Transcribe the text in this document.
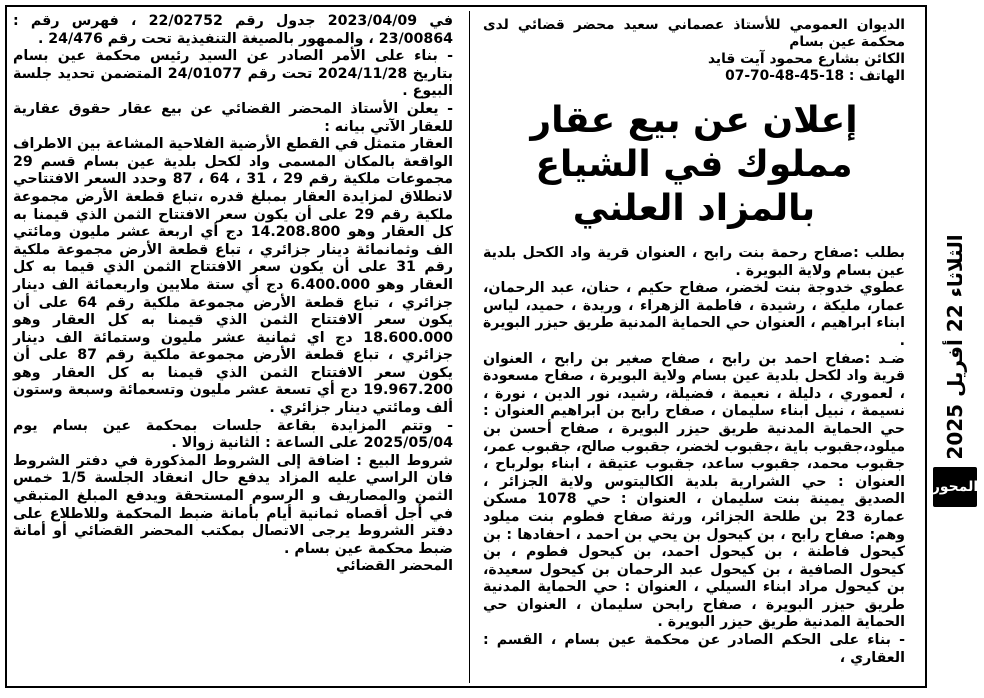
الديوان العمومي للأستاذ عصماني سعيد محضر قضائي لدى محكمة عين بسام

الكائن بشارع محمود آيت قايد

الهاتف : 18-45-48-70-07

إعلان عن بيع عقار مملوك في الشياع بالمزاد العلني

بطلب :صفاح رحمة بنت رابح ، العنوان قرية واد الكحل بلدية عين بسام ولاية البويرة .

عطوي خدوجة بنت لخضر، صفاح حكيم ، حنان، عبد الرحمان، عمار، مليكة ، رشيدة ، فاطمة الزهراء ، وريدة ، حميد، لياس ابناء ابراهيم ، العنوان حي الحماية المدنية طريق حيزر البويرة .

ضـد :صفاح احمد بن رابح ، صفاح صغير بن رابح ، العنوان قرية واد لكحل بلدية عين بسام ولاية البويرة ، صفاح مسعودة ، لعموري ، دليلة ، نعيمة ، فضيلة، رشيد، نور الدين ، نورة ، نسيمة ، نبيل ابناء سليمان ، صفاح رابح بن ابراهيم العنوان : حي الحماية المدنية طريق حيزر البويرة ، صفاح أحسن بن ميلود،جقبوب باية ،جقبوب لخضر، جقبوب صالح، جقبوب عمر، جقبوب محمد، جقبوب ساعد، جقبوب عتيقة ، ابناء بولرباح ، العنوان : حي الشرارية بلدية الكاليتوس ولاية الجزائر ، الصديق يمينة بنت سليمان ، العنوان : حي 1078 مسكن عمارة 23 بن طلحة الجزائر، ورثة صفاح فطوم بنت ميلود وهم: صفاح رابح ، بن كيحول بن يحي بن احمد ، احفادها : بن كيحول فاطنة ، بن كيحول احمد، بن كيحول فطوم ، بن كيحول الصافية ، بن كيحول عبد الرحمان بن كيحول سعيدة، بن كيحول مراد ابناء السيلي ، العنوان : حي الحماية المدنية طريق حيزر البويرة ، صفاح رابحن سليمان ، العنوان حي الحماية المدنية طريق حيزر البويرة .

- بناء على الحكم الصادر عن محكمة عين بسام ، القسم : العقاري ،

في 2023/04/09 جدول رقم 22/02752 ، فهرس رقم : 23/00864 ، والممهور بالصيغة التنفيذية تحت رقم 24/476 .

- بناء على الأمر الصادر عن السيد رئيس محكمة عين بسام بتاريخ 2024/11/28 تحت رقم 24/01077 المتضمن تحديد جلسة البيوع .

- يعلن الأستاذ المحضر القضائي عن بيع عقار حقوق عقارية للعقار الآتي بيانه :

العقار متمثل في القطع الأرضية الفلاحية المشاعة بين الاطراف الواقعة بالمكان المسمى واد لكحل بلدية عين بسام قسم 29 مجموعات ملكية رقم 29 ، 31 ، 64 ، 87 وحدد السعر الافتتاحي لانطلاق لمزايدة العقار بمبلغ قدره ،تباع قطعة الأرض مجموعة ملكية رقم 29 على أن يكون سعر الافتتاح الثمن الذي قيمنا به كل العقار وهو 14.208.800 دج أي اربعة عشر مليون ومائتي الف وثمانمائة دينار جزائري ، تباع قطعة الأرض مجموعة ملكية رقم 31 على أن يكون سعر الافتتاح الثمن الذي قيما به كل العقار وهو 6.400.000 دج أي ستة ملايين واربعمائة الف دينار جزائري ، تباع قطعة الأرض مجموعة ملكية رقم 64 على أن يكون سعر الافتتاح الثمن الذي قيمنا به كل العقار وهو 18.600.000 دج اي ثمانية عشر مليون وستمائة الف دينار جزائري ، تباع قطعة الأرض مجموعة ملكية رقم 87 على أن يكون سعر الافتتاح الثمن الذي قيمنا به كل العقار وهو 19.967.200 دج أي تسعة عشر مليون وتسعمائة وسبعة وستون ألف ومائتي دينار جزائري .

- وتتم المزايدة بقاعة جلسات بمحكمة عين بسام يوم 2025/05/04 على الساعة : الثانية زوالا .

شروط البيع : اضافة إلى الشروط المذكورة في دفتر الشروط فان الراسي عليه المزاد يدفع حال انعقاد الجلسة 1/5 خمس الثمن والمصاريف و الرسوم المستحقة ويدفع المبلغ المتبقي في أجل أقصاه ثمانية أيام بأمانة ضبط المحكمة وللاطلاع على دفتر الشروط يرجى الاتصال بمكتب المحضر القضائي أو أمانة ضبط محكمة عين بسام .

المحضر القضائي

المحور
الثلاثاء 22 أفريل 2025
